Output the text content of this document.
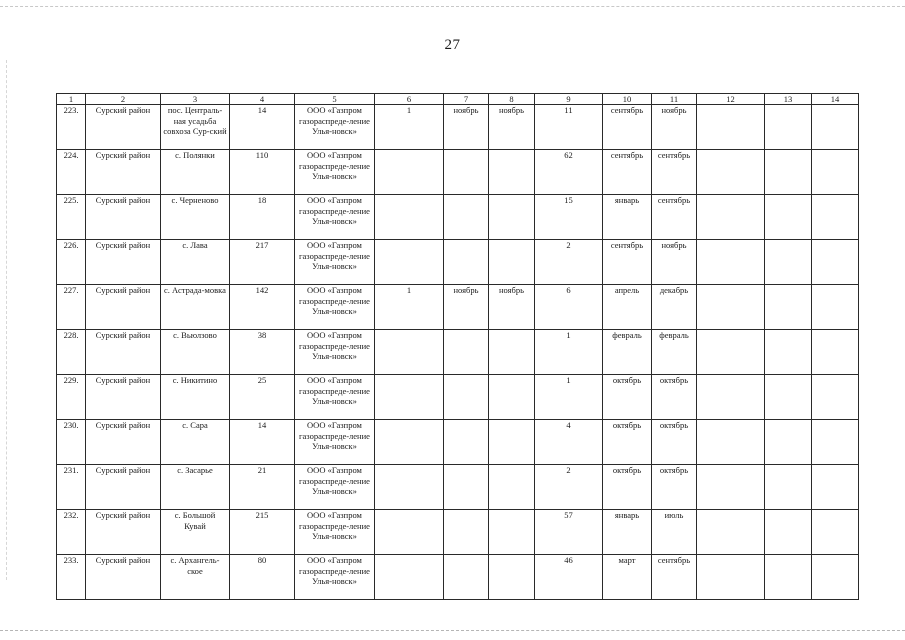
27
1	2	3	4	5	6	7	8	9	10	11	12	13	14
223.	Сурский район	пос. Централь-ная усадьба совхоза Сур-ский	14	ООО «Газпром газораспреде-ление Улья-новск»	1	ноябрь	ноябрь	11	сентябрь	ноябрь			
224.	Сурский район	с. Полянки	110	ООО «Газпром газораспреде-ление Улья-новск»				62	сентябрь	сентябрь			
225.	Сурский район	с. Черненово	18	ООО «Газпром газораспреде-ление Улья-новск»				15	январь	сентябрь			
226.	Сурский район	с. Лава	217	ООО «Газпром газораспреде-ление Улья-новск»				2	сентябрь	ноябрь			
227.	Сурский район	с. Астрада-мовка	142	ООО «Газпром газораспреде-ление Улья-новск»	1	ноябрь	ноябрь	6	апрель	декабрь			
228.	Сурский район	с. Вьюлзово	38	ООО «Газпром газораспреде-ление Улья-новск»				1	февраль	февраль			
229.	Сурский район	с. Никитино	25	ООО «Газпром газораспреде-ление Улья-новск»				1	октябрь	октябрь			
230.	Сурский район	с. Сара	14	ООО «Газпром газораспреде-ление Улья-новск»				4	октябрь	октябрь			
231.	Сурский район	с. Засарье	21	ООО «Газпром газораспреде-ление Улья-новск»				2	октябрь	октябрь			
232.	Сурский район	с. Большой Кувай	215	ООО «Газпром газораспреде-ление Улья-новск»				57	январь	июль			
233.	Сурский район	с. Архангель-ское	80	ООО «Газпром газораспреде-ление Улья-новск»				46	март	сентябрь			
